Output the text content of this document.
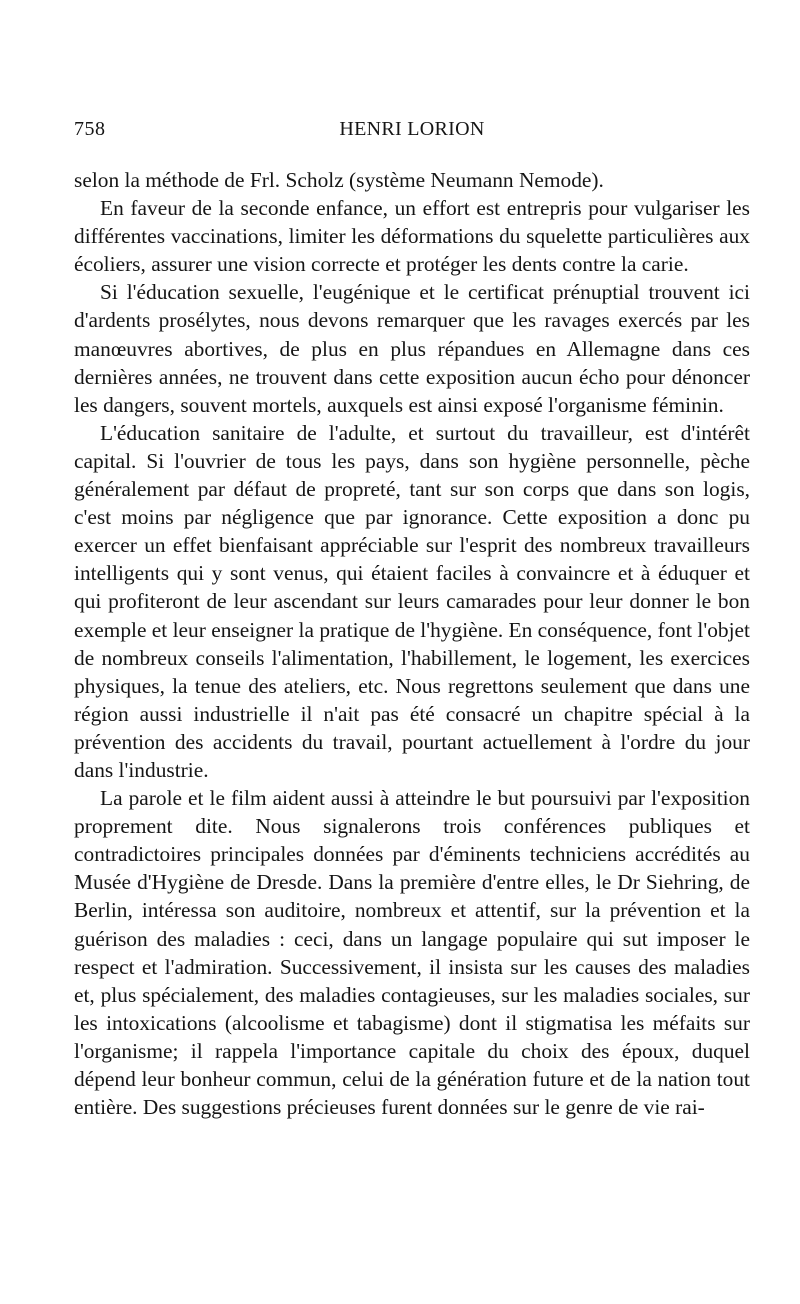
758	HENRI LORION

selon la méthode de Frl. Scholz (système Neumann Nemode).

En faveur de la seconde enfance, un effort est entrepris pour vulgariser les différentes vaccinations, limiter les déformations du squelette particulières aux écoliers, assurer une vision correcte et protéger les dents contre la carie.

Si l'éducation sexuelle, l'eugénique et le certificat prénuptial trouvent ici d'ardents prosélytes, nous devons remarquer que les ravages exercés par les manœuvres abortives, de plus en plus répandues en Allemagne dans ces dernières années, ne trouvent dans cette exposition aucun écho pour dénoncer les dangers, souvent mortels, auxquels est ainsi exposé l'organisme féminin.

L'éducation sanitaire de l'adulte, et surtout du travailleur, est d'intérêt capital. Si l'ouvrier de tous les pays, dans son hygiène personnelle, pèche généralement par défaut de propreté, tant sur son corps que dans son logis, c'est moins par négligence que par ignorance. Cette exposition a donc pu exercer un effet bienfaisant appréciable sur l'esprit des nombreux travailleurs intelligents qui y sont venus, qui étaient faciles à convaincre et à éduquer et qui profiteront de leur ascendant sur leurs camarades pour leur donner le bon exemple et leur enseigner la pratique de l'hygiène. En conséquence, font l'objet de nombreux conseils l'alimentation, l'habillement, le logement, les exercices physiques, la tenue des ateliers, etc. Nous regrettons seulement que dans une région aussi industrielle il n'ait pas été consacré un chapitre spécial à la prévention des accidents du travail, pourtant actuellement à l'ordre du jour dans l'industrie.

La parole et le film aident aussi à atteindre le but poursuivi par l'exposition proprement dite. Nous signalerons trois conférences publiques et contradictoires principales données par d'éminents techniciens accrédités au Musée d'Hygiène de Dresde. Dans la première d'entre elles, le Dr Siehring, de Berlin, intéressa son auditoire, nombreux et attentif, sur la prévention et la guérison des maladies : ceci, dans un langage populaire qui sut imposer le respect et l'admiration. Successivement, il insista sur les causes des maladies et, plus spécialement, des maladies contagieuses, sur les maladies sociales, sur les intoxications (alcoolisme et tabagisme) dont il stigmatisa les méfaits sur l'organisme; il rappela l'importance capitale du choix des époux, duquel dépend leur bonheur commun, celui de la génération future et de la nation tout entière. Des suggestions précieuses furent données sur le genre de vie rai-
